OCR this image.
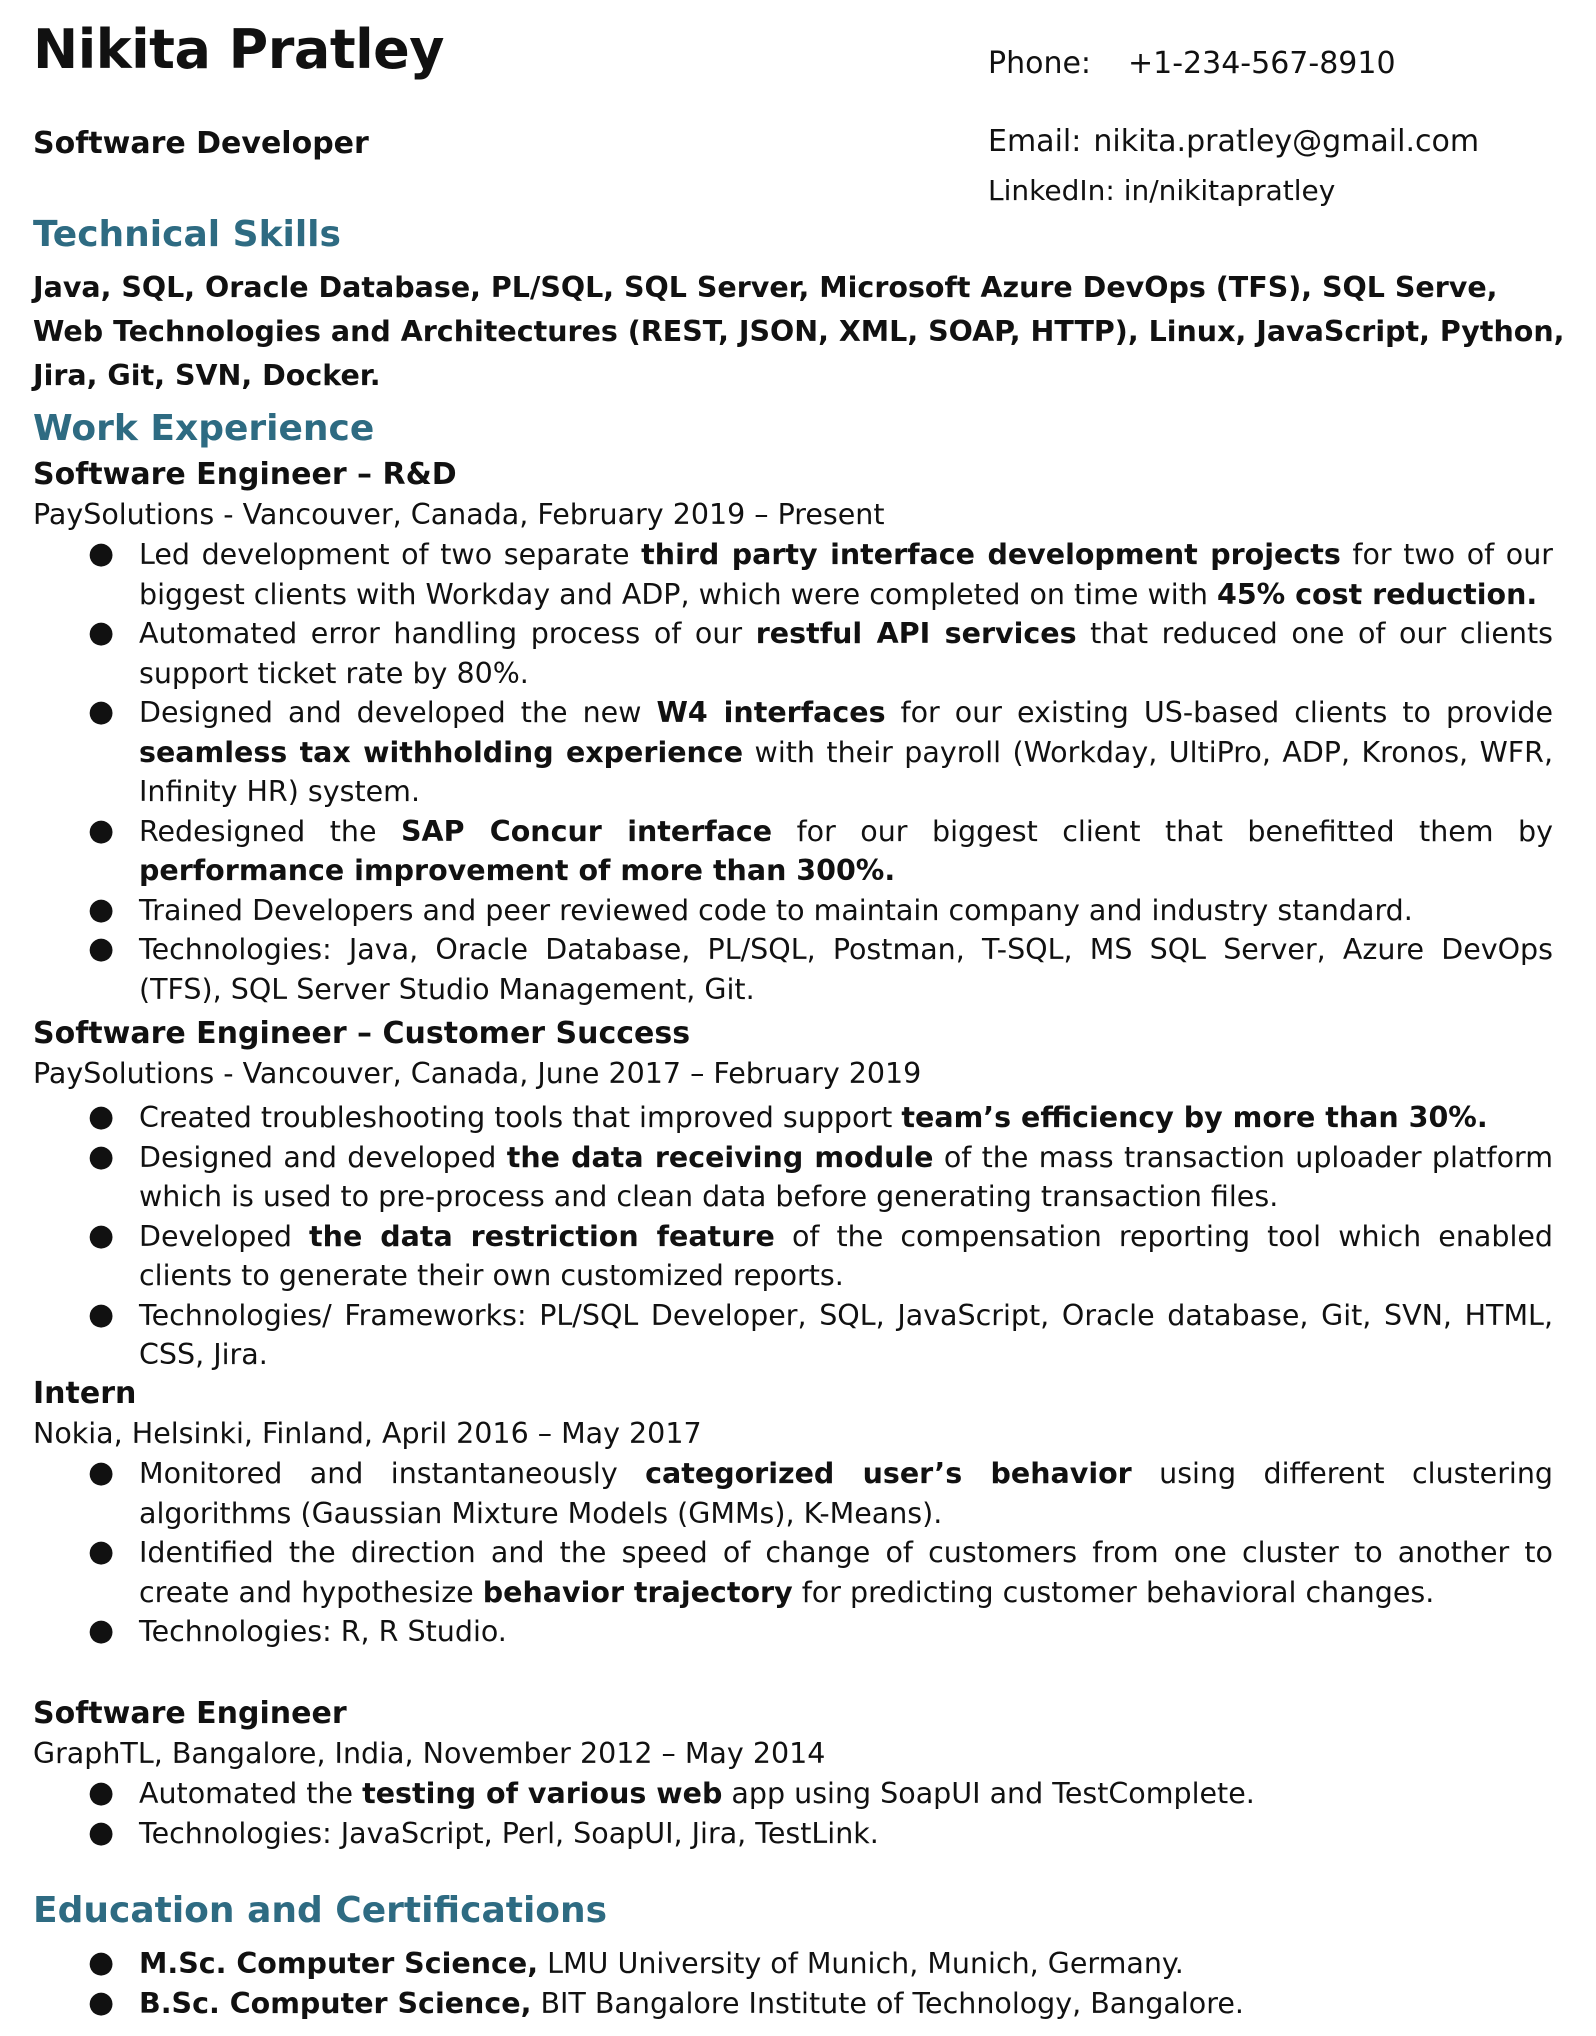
Nikita Pratley
Software Developer
Phone: +1-234-567-8910
Email: nikita.pratley@gmail.com
LinkedIn: in/nikitapratley
Technical Skills
Java, SQL, Oracle Database, PL/SQL, SQL Server, Microsoft Azure DevOps (TFS), SQL Serve, Web Technologies and Architectures (REST, JSON, XML, SOAP, HTTP), Linux, JavaScript, Python, Jira, Git, SVN, Docker.
Work Experience
Software Engineer – R&D
PaySolutions - Vancouver, Canada, February 2019 – Present
● Led development of two separate third party interface development projects for two of our biggest clients with Workday and ADP, which were completed on time with 45% cost reduction.
● Automated error handling process of our restful API services that reduced one of our clients support ticket rate by 80%.
● Designed and developed the new W4 interfaces for our existing US-based clients to provide seamless tax withholding experience with their payroll (Workday, UltiPro, ADP, Kronos, WFR, Infinity HR) system.
● Redesigned the SAP Concur interface for our biggest client that benefitted them by performance improvement of more than 300%.
● Trained Developers and peer reviewed code to maintain company and industry standard.
● Technologies: Java, Oracle Database, PL/SQL, Postman, T-SQL, MS SQL Server, Azure DevOps (TFS), SQL Server Studio Management, Git.
Software Engineer – Customer Success
PaySolutions - Vancouver, Canada, June 2017 – February 2019
● Created troubleshooting tools that improved support team’s efficiency by more than 30%.
● Designed and developed the data receiving module of the mass transaction uploader platform which is used to pre-process and clean data before generating transaction files.
● Developed the data restriction feature of the compensation reporting tool which enabled clients to generate their own customized reports.
● Technologies/ Frameworks: PL/SQL Developer, SQL, JavaScript, Oracle database, Git, SVN, HTML, CSS, Jira.
Intern
Nokia, Helsinki, Finland, April 2016 – May 2017
● Monitored and instantaneously categorized user’s behavior using different clustering algorithms (Gaussian Mixture Models (GMMs), K-Means).
● Identified the direction and the speed of change of customers from one cluster to another to create and hypothesize behavior trajectory for predicting customer behavioral changes.
● Technologies: R, R Studio.
Software Engineer
GraphTL, Bangalore, India, November 2012 – May 2014
● Automated the testing of various web app using SoapUI and TestComplete.
● Technologies: JavaScript, Perl, SoapUI, Jira, TestLink.
Education and Certifications
● M.Sc. Computer Science, LMU University of Munich, Munich, Germany.
● B.Sc. Computer Science, BIT Bangalore Institute of Technology, Bangalore.
